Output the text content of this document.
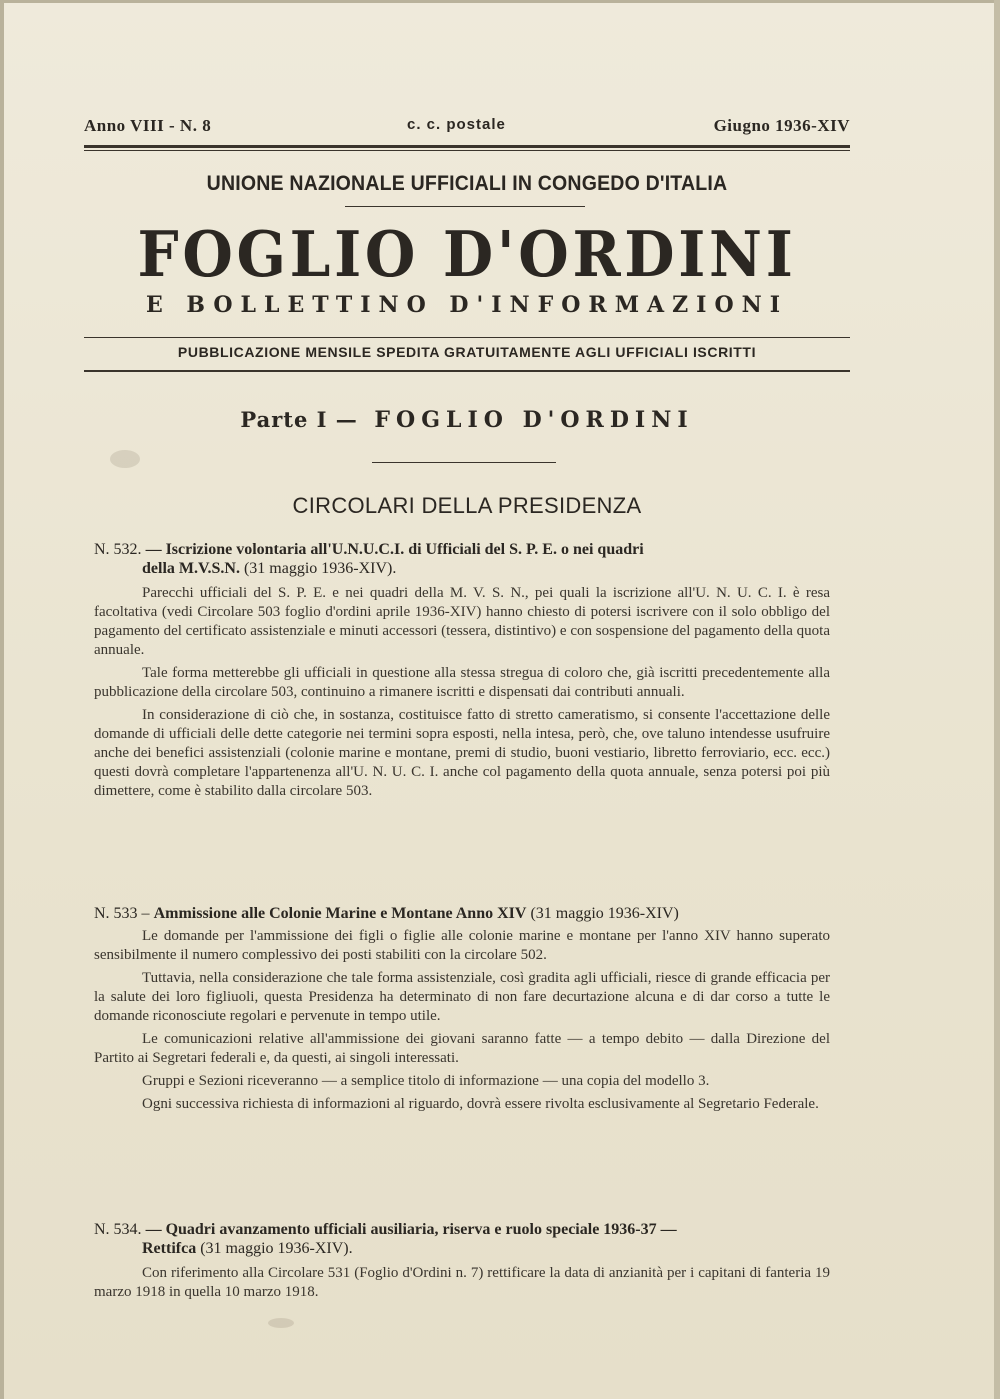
Anno VIII - N. 8	c. c. postale	Giugno 1936-XIV
UNIONE NAZIONALE UFFICIALI IN CONGEDO D'ITALIA
FOGLIO D'ORDINI
E BOLLETTINO D'INFORMAZIONI
PUBBLICAZIONE MENSILE SPEDITA GRATUITAMENTE AGLI UFFICIALI ISCRITTI
Parte I — FOGLIO D'ORDINI
CIRCOLARI DELLA PRESIDENZA

N. 532. — Iscrizione volontaria all'U.N.U.C.I. di Ufficiali del S. P. E. o nei quadri

della M.V.S.N. (31 maggio 1936-XIV).

Parecchi ufficiali del S. P. E. e nei quadri della M. V. S. N., pei quali la iscrizione all'U. N. U. C. I. è resa facoltativa (vedi Circolare 503 foglio d'ordini aprile 1936-XIV) hanno chiesto di potersi iscrivere con il solo obbligo del pagamento del certificato assistenziale e minuti accessori (tessera, distintivo) e con sospensione del pagamento della quota annuale.

Tale forma metterebbe gli ufficiali in questione alla stessa stregua di coloro che, già iscritti precedentemente alla pubblicazione della circolare 503, continuino a rimanere iscritti e dispensati dai contributi annuali.

In considerazione di ciò che, in sostanza, costituisce fatto di stretto cameratismo, si consente l'accettazione delle domande di ufficiali delle dette categorie nei termini sopra esposti, nella intesa, però, che, ove taluno intendesse usufruire anche dei benefici assistenziali (colonie marine e montane, premi di studio, buoni vestiario, libretto ferroviario, ecc. ecc.) questi dovrà completare l'appartenenza all'U. N. U. C. I. anche col pagamento della quota annuale, senza potersi poi più dimettere, come è stabilito dalla circolare 503.

N. 533 – Ammissione alle Colonie Marine e Montane Anno XIV (31 maggio 1936-XIV)

Le domande per l'ammissione dei figli o figlie alle colonie marine e montane per l'anno XIV hanno superato sensibilmente il numero complessivo dei posti stabiliti con la circolare 502.

Tuttavia, nella considerazione che tale forma assistenziale, così gradita agli ufficiali, riesce di grande efficacia per la salute dei loro figliuoli, questa Presidenza ha determinato di non fare decurtazione alcuna e di dar corso a tutte le domande riconosciute regolari e pervenute in tempo utile.

Le comunicazioni relative all'ammissione dei giovani saranno fatte — a tempo debito — dalla Direzione del Partito ai Segretari federali e, da questi, ai singoli interessati.

Gruppi e Sezioni riceveranno — a semplice titolo di informazione — una copia del modello 3.

Ogni successiva richiesta di informazioni al riguardo, dovrà essere rivolta esclusivamente al Segretario Federale.

N. 534. — Quadri avanzamento ufficiali ausiliaria, riserva e ruolo speciale 1936-37 —

Rettifca (31 maggio 1936-XIV).

Con riferimento alla Circolare 531 (Foglio d'Ordini n. 7) rettificare la data di anzianità per i capitani di fanteria 19 marzo 1918 in quella 10 marzo 1918.
